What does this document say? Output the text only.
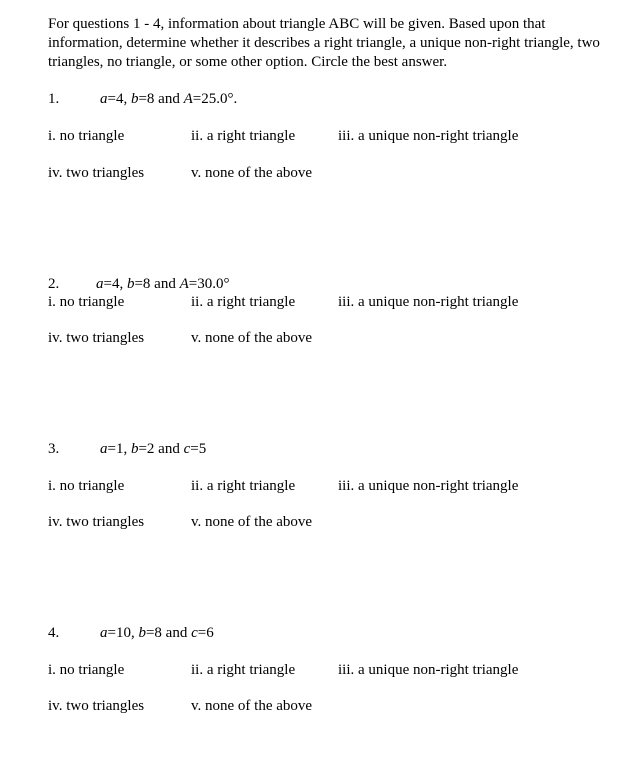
For questions 1 - 4, information about triangle ABC will be given. Based upon that information, determine whether it describes a right triangle, a unique non-right triangle, two triangles, no triangle, or some other option. Circle the best answer.
1.	a=4, b=8 and A=25.0°.
i. no triangle	ii. a right triangle	iii. a unique non-right triangle
iv. two triangles	v. none of the above
2. a=4, b=8 and A=30.0°
i. no triangle	ii. a right triangle	iii. a unique non-right triangle
iv. two triangles	v. none of the above
3.	a=1, b=2 and c=5
i. no triangle	ii. a right triangle	iii. a unique non-right triangle
iv. two triangles	v. none of the above
4.	a=10, b=8 and c=6
i. no triangle	ii. a right triangle	iii. a unique non-right triangle
iv. two triangles	v. none of the above
